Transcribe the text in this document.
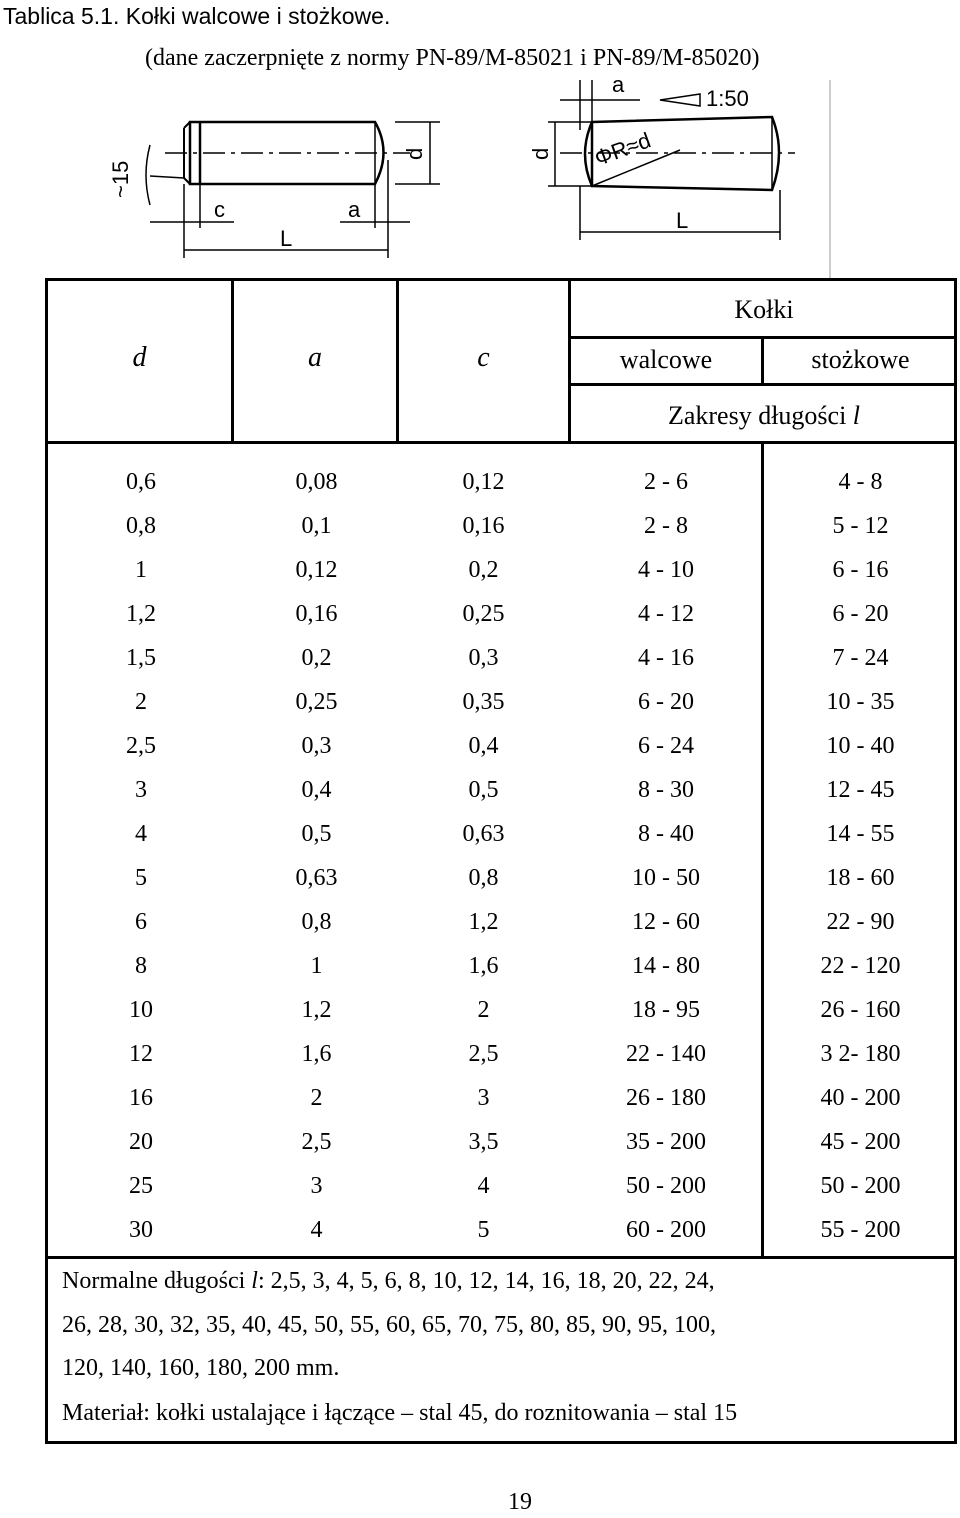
Tablica 5.1. Kołki walcowe i stożkowe.
(dane zaczerpnięte z normy PN-89/M-85021 i PN-89/M-85020)
~15
c	a
d
L
a
1:50
d ΦR≈d
L
d	a	c
Kołki
walcowe	stożkowe
Zakresy długości l
0,6	0,08	0,12	2 - 6	4 - 8
0,8	0,1	0,16	2 - 8	5 - 12
1	0,12	0,2	4 - 10	6 - 16
1,2	0,16	0,25	4 - 12	6 - 20
1,5	0,2	0,3	4 - 16	7 - 24
2	0,25	0,35	6 - 20	10 - 35
2,5	0,3	0,4	6 - 24	10 - 40
3	0,4	0,5	8 - 30	12 - 45
4	0,5	0,63	8 - 40	14 - 55
5	0,63	0,8	10 - 50	18 - 60
6	0,8	1,2	12 - 60	22 - 90
8	1	1,6	14 - 80	22 - 120
10	1,2	2	18 - 95	26 - 160
12	1,6	2,5	22 - 140	3 2- 180
16	2	3	26 - 180	40 - 200
20	2,5	3,5	35 - 200	45 - 200
25	3	4	50 - 200	50 - 200
30	4	5	60 - 200	55 - 200
Normalne długości l: 2,5, 3, 4, 5, 6, 8, 10, 12, 14, 16, 18, 20, 22, 24,
26, 28, 30, 32, 35, 40, 45, 50, 55, 60, 65, 70, 75, 80, 85, 90, 95, 100,
120, 140, 160, 180, 200 mm.
Materiał: kołki ustalające i łączące – stal 45, do roznitowania – stal 15
19
